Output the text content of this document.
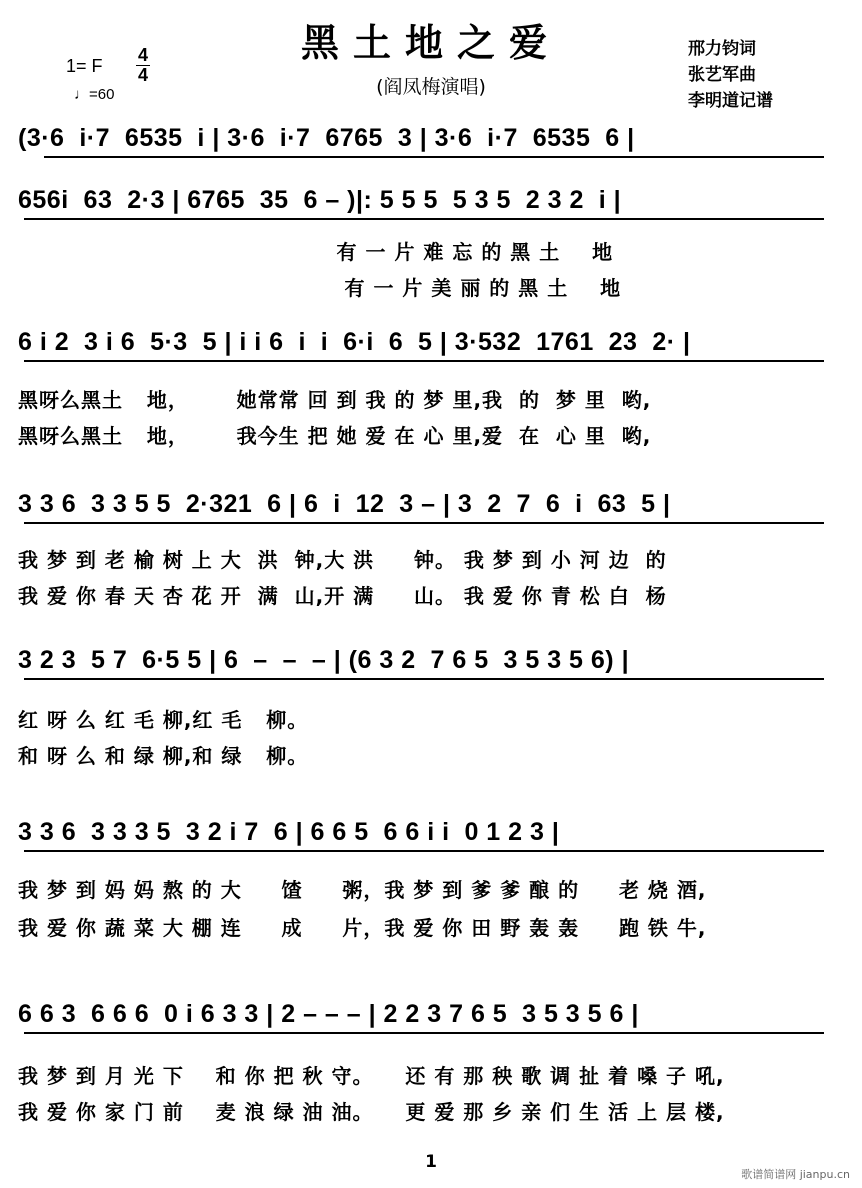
黑土地之爱
(阎凤梅演唱)
1= F
4
4
♩=60
邢力钧词
张艺军曲
李明道记谱
(3·6  i·7  6535  i | 3·6  i·7  6765  3 | 3·6  i·7  6535  6 |
656i  63  2·3 | 6765  35  6 – )|: 5 5 5  5 3 5  2 3 2  i |
有 一 片 难 忘 的 黑 土    地
有 一 片 美 丽 的 黑 土    地
6 i 2  3 i 6  5·3  5 | i i 6  i  i  6·i  6  5 | 3·532  1761  23  2· |
黑呀么黑土   地，      她常常 回 到 我 的 梦 里,我  的  梦 里  哟,
黑呀么黑土   地，      我今生 把 她 爱 在 心 里,爱  在  心 里  哟,
3 3 6  3 3 5 5  2·321  6 | 6  i  12  3 – | 3  2  7  6  i  63  5 |
我 梦 到 老 榆 树 上 大  洪  钟,大 洪     钟。 我 梦 到 小 河 边  的
我 爱 你 春 天 杏 花 开  满  山,开 满     山。 我 爱 你 青 松 白  杨
3 2 3  5 7  6·5 5 | 6  –  –  – | (6 3 2  7 6 5  3 5 3 5 6) |
红 呀 么 红 毛 柳,红 毛   柳。
和 呀 么 和 绿 柳,和 绿   柳。
3 3 6  3 3 3 5  3 2 i 7  6 | 6 6 5  6 6 i i  0 1 2 3 |
我 梦 到 妈 妈 熬 的 大     馇     粥，我 梦 到 爹 爹 酿 的     老 烧 酒,
我 爱 你 蔬 菜 大 棚 连     成     片，我 爱 你 田 野 轰 轰     跑 铁 牛,
6 6 3  6 6 6  0 i 6 3 3 | 2 – – – | 2 2 3 7 6 5  3 5 3 5 6 |
我 梦 到 月 光 下    和 你 把 秋 守。    还 有 那 秧 歌 调 扯 着 嗓 子 吼,
我 爱 你 家 门 前    麦 浪 绿 油 油。    更 爱 那 乡 亲 们 生 活 上 层 楼,
1
歌谱简谱网 jianpu.cn
